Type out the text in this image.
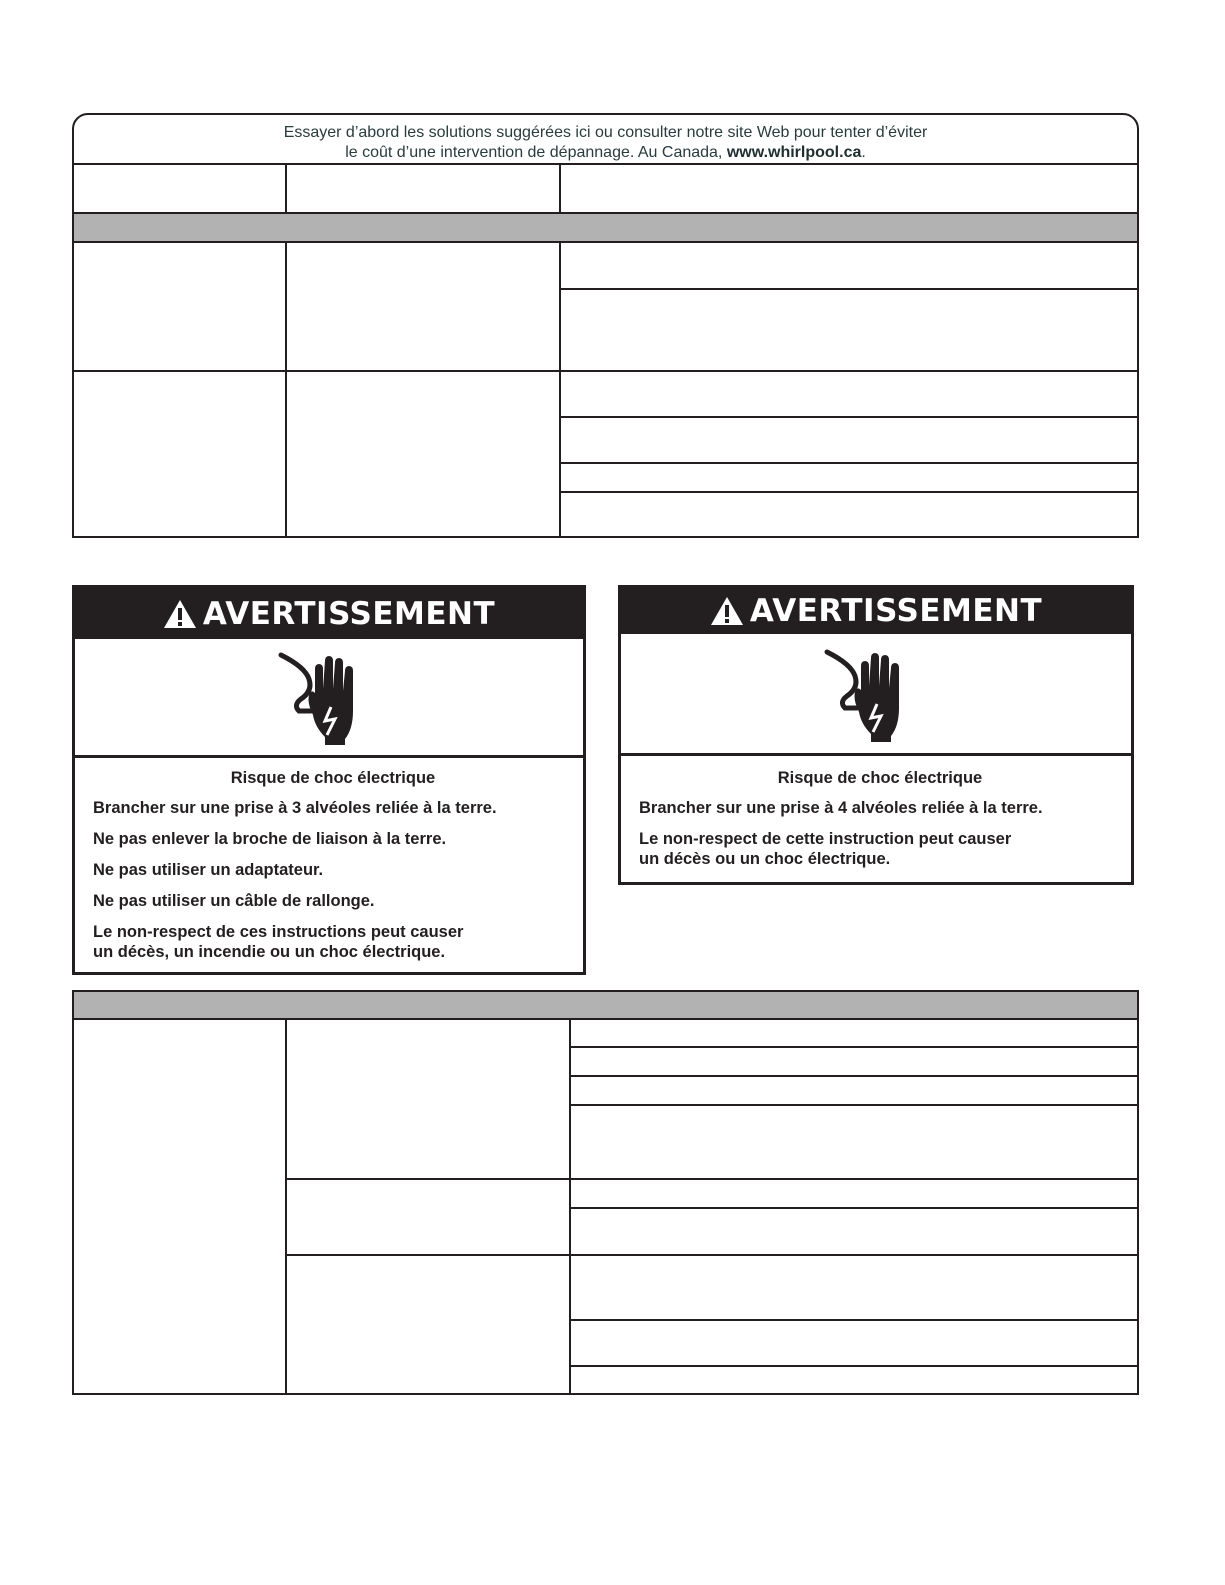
Essayer d’abord les solutions suggérées ici ou consulter notre site Web pour tenter d’éviter
le coût d’une intervention de dépannage. Au Canada, www.whirlpool.ca.
AVERTISSEMENT
Risque de choc électrique

Brancher sur une prise à 3 alvéoles reliée à la terre.

Ne pas enlever la broche de liaison à la terre.

Ne pas utiliser un adaptateur.

Ne pas utiliser un câble de rallonge.

Le non-respect de ces instructions peut causer
un décès, un incendie ou un choc électrique.
AVERTISSEMENT
Risque de choc électrique

Brancher sur une prise à 4 alvéoles reliée à la terre.

Le non-respect de cette instruction peut causer
un décès ou un choc électrique.
